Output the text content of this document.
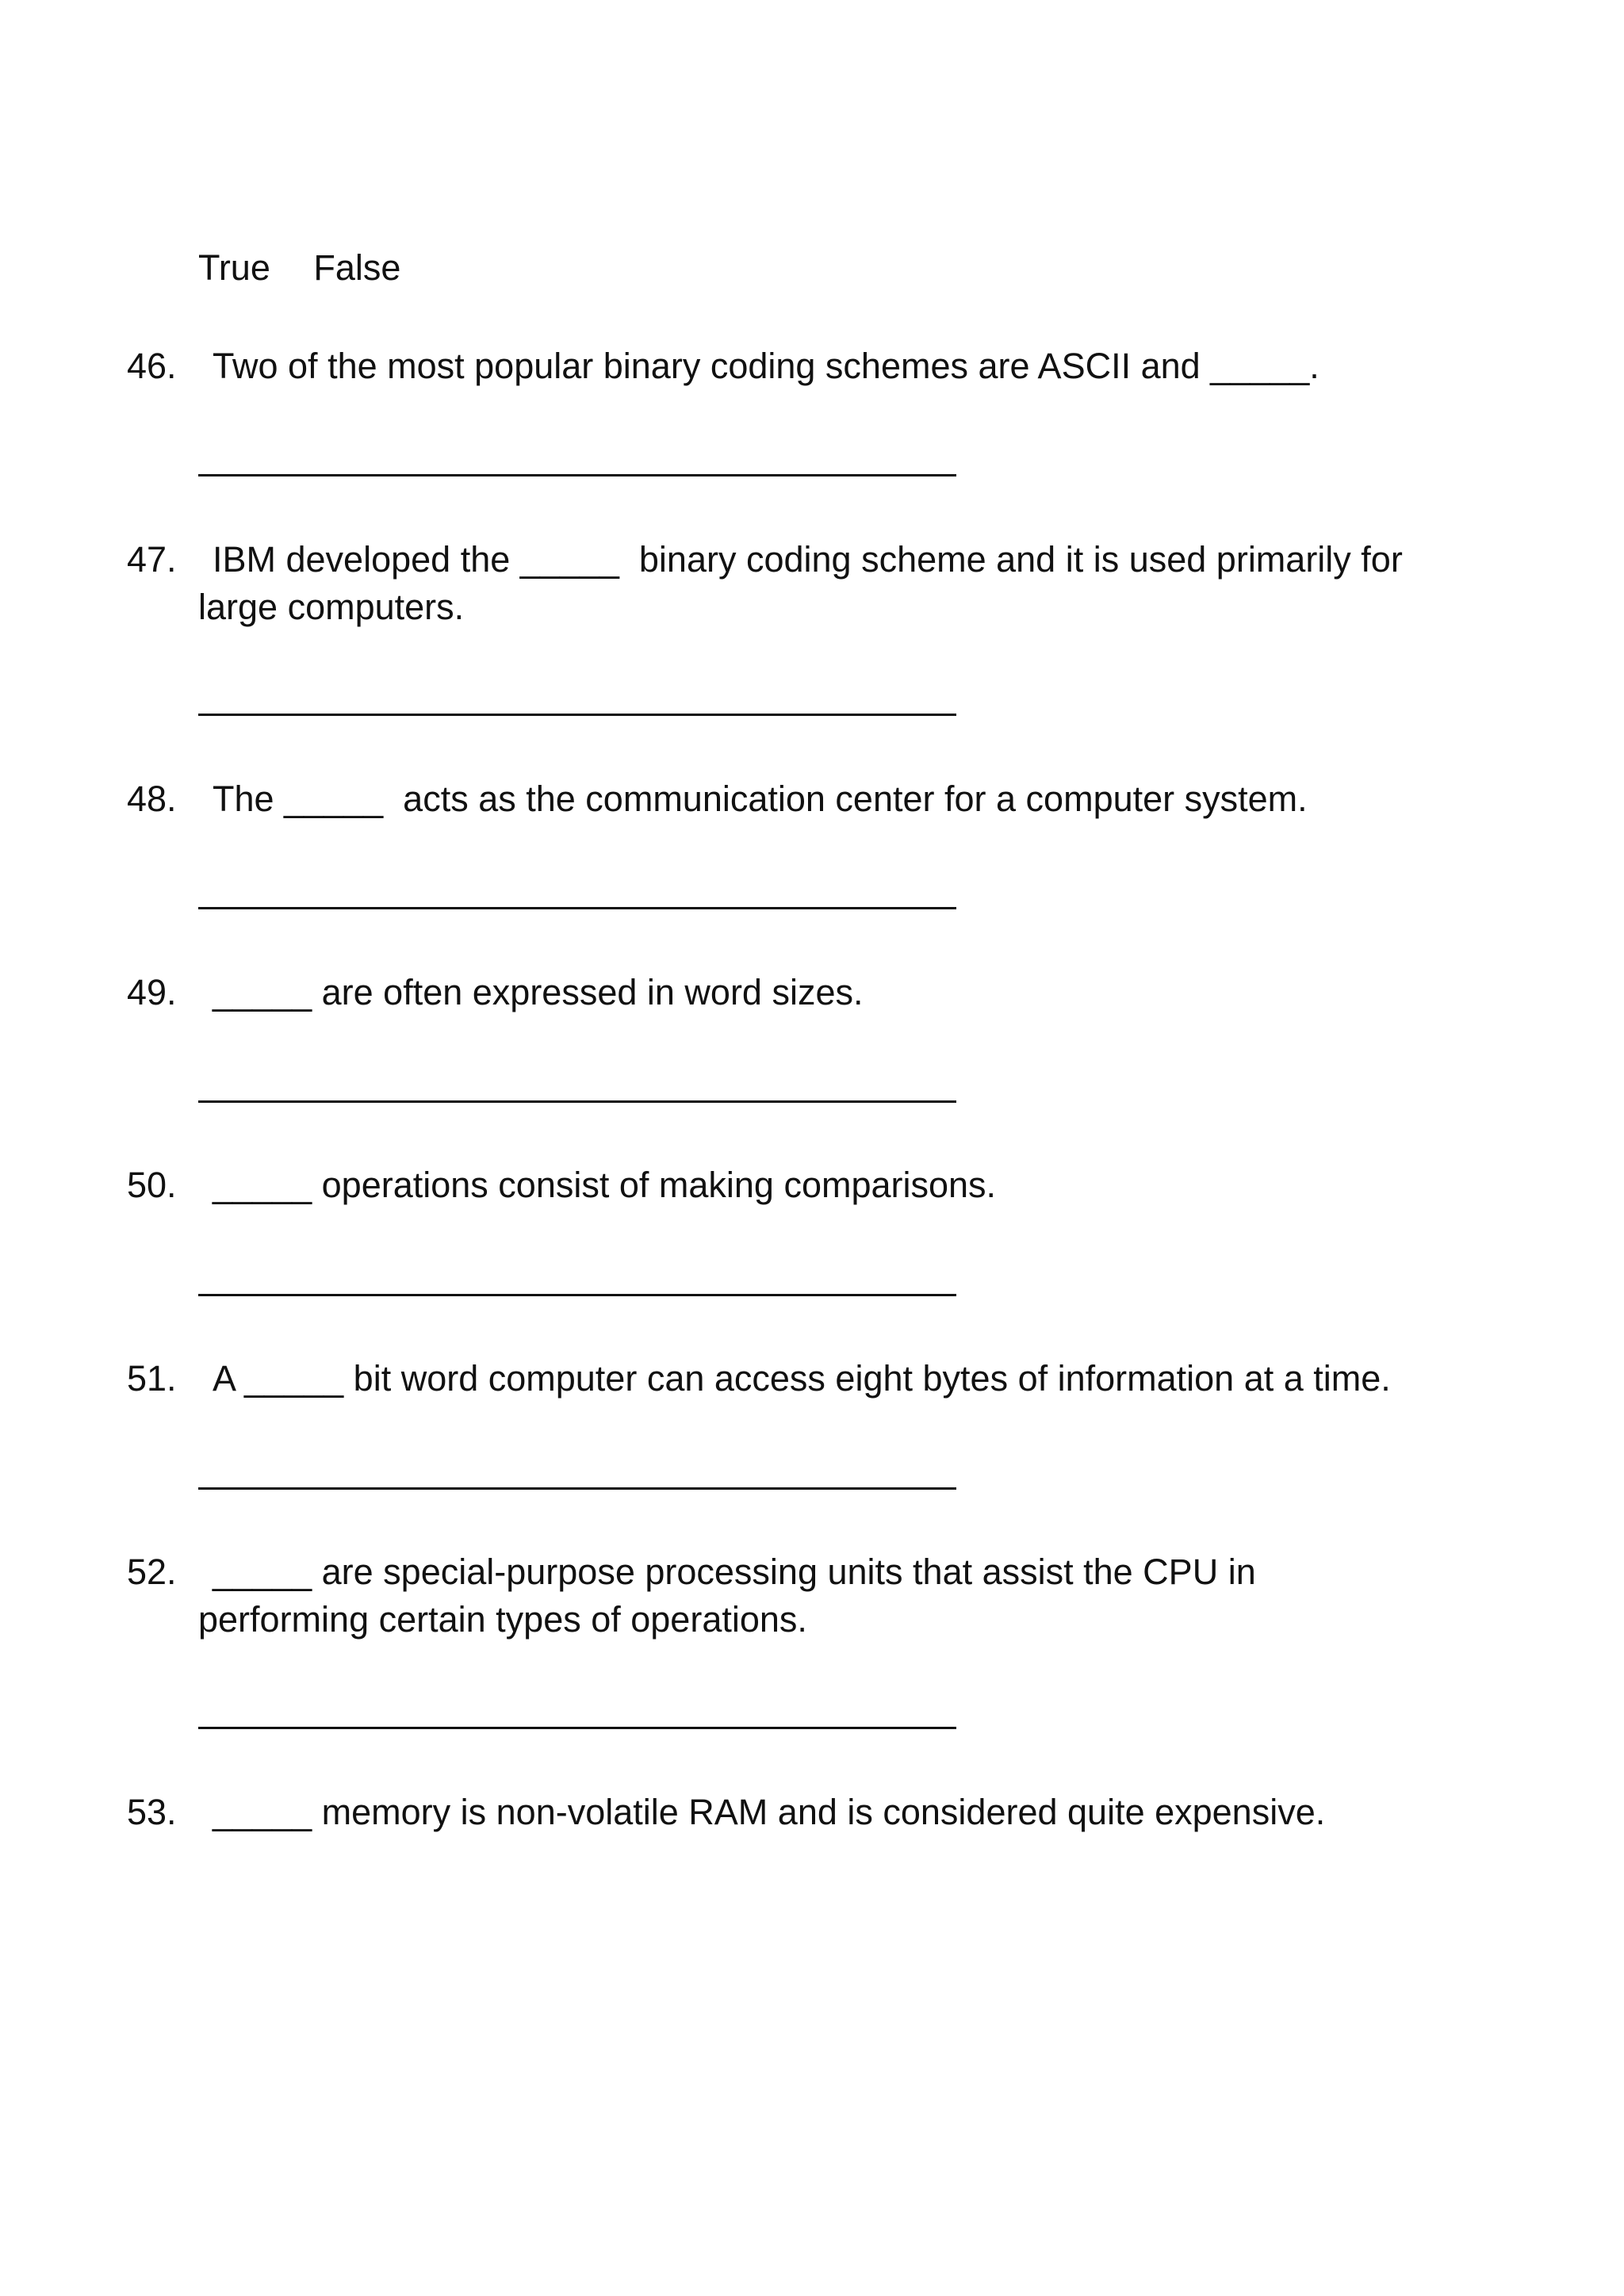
True False
46. Two of the most popular binary coding schemes are ASCII and _____.
47.	IBM developed the _____  binary coding scheme and it is used primarily for large computers.
48. The _____  acts as the communication center for a computer system.
49. _____ are often expressed in word sizes.
50. _____ operations consist of making comparisons.
51. A _____ bit word computer can access eight bytes of information at a time.
52.	_____ are special-purpose processing units that assist the CPU in performing certain types of operations.
53. _____ memory is non-volatile RAM and is considered quite expensive.
